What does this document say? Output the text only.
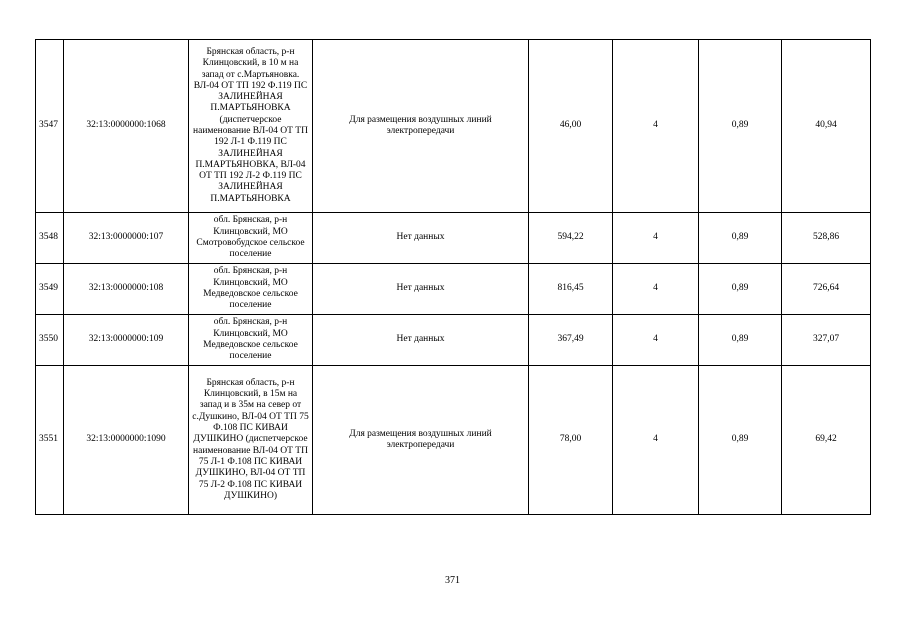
3547	32:13:0000000:1068	Брянская область, р-н Клинцовский, в 10 м на запад от с.Мартьяновка. ВЛ-04 ОТ ТП 192 Ф.119 ПС ЗАЛИНЕЙНАЯ П.МАРТЬЯНОВКА (диспетчерское наименование ВЛ-04 ОТ ТП 192 Л-1 Ф.119 ПС ЗАЛИНЕЙНАЯ П.МАРТЬЯНОВКА, ВЛ-04 ОТ ТП 192 Л-2 Ф.119 ПС ЗАЛИНЕЙНАЯ П.МАРТЬЯНОВКА	Для размещения воздушных линий электропередачи	46,00	4	0,89	40,94
3548	32:13:0000000:107	обл. Брянская, р-н Клинцовский, МО Смотровобудское сельское поселение	Нет данных	594,22	4	0,89	528,86
3549	32:13:0000000:108	обл. Брянская, р-н Клинцовский, МО Медведовское сельское поселение	Нет данных	816,45	4	0,89	726,64
3550	32:13:0000000:109	обл. Брянская, р-н Клинцовский, МО Медведовское сельское поселение	Нет данных	367,49	4	0,89	327,07
3551	32:13:0000000:1090	Брянская область, р-н Клинцовский, в 15м на запад и в 35м на север от с.Душкино, ВЛ-04 ОТ ТП 75 Ф.108 ПС КИВАИ ДУШКИНО (диспетчерское наименование ВЛ-04 ОТ ТП 75 Л-1 Ф.108 ПС КИВАИ ДУШКИНО, ВЛ-04 ОТ ТП 75 Л-2 Ф.108 ПС КИВАИ ДУШКИНО)	Для размещения воздушных линий электропередачи	78,00	4	0,89	69,42
371
